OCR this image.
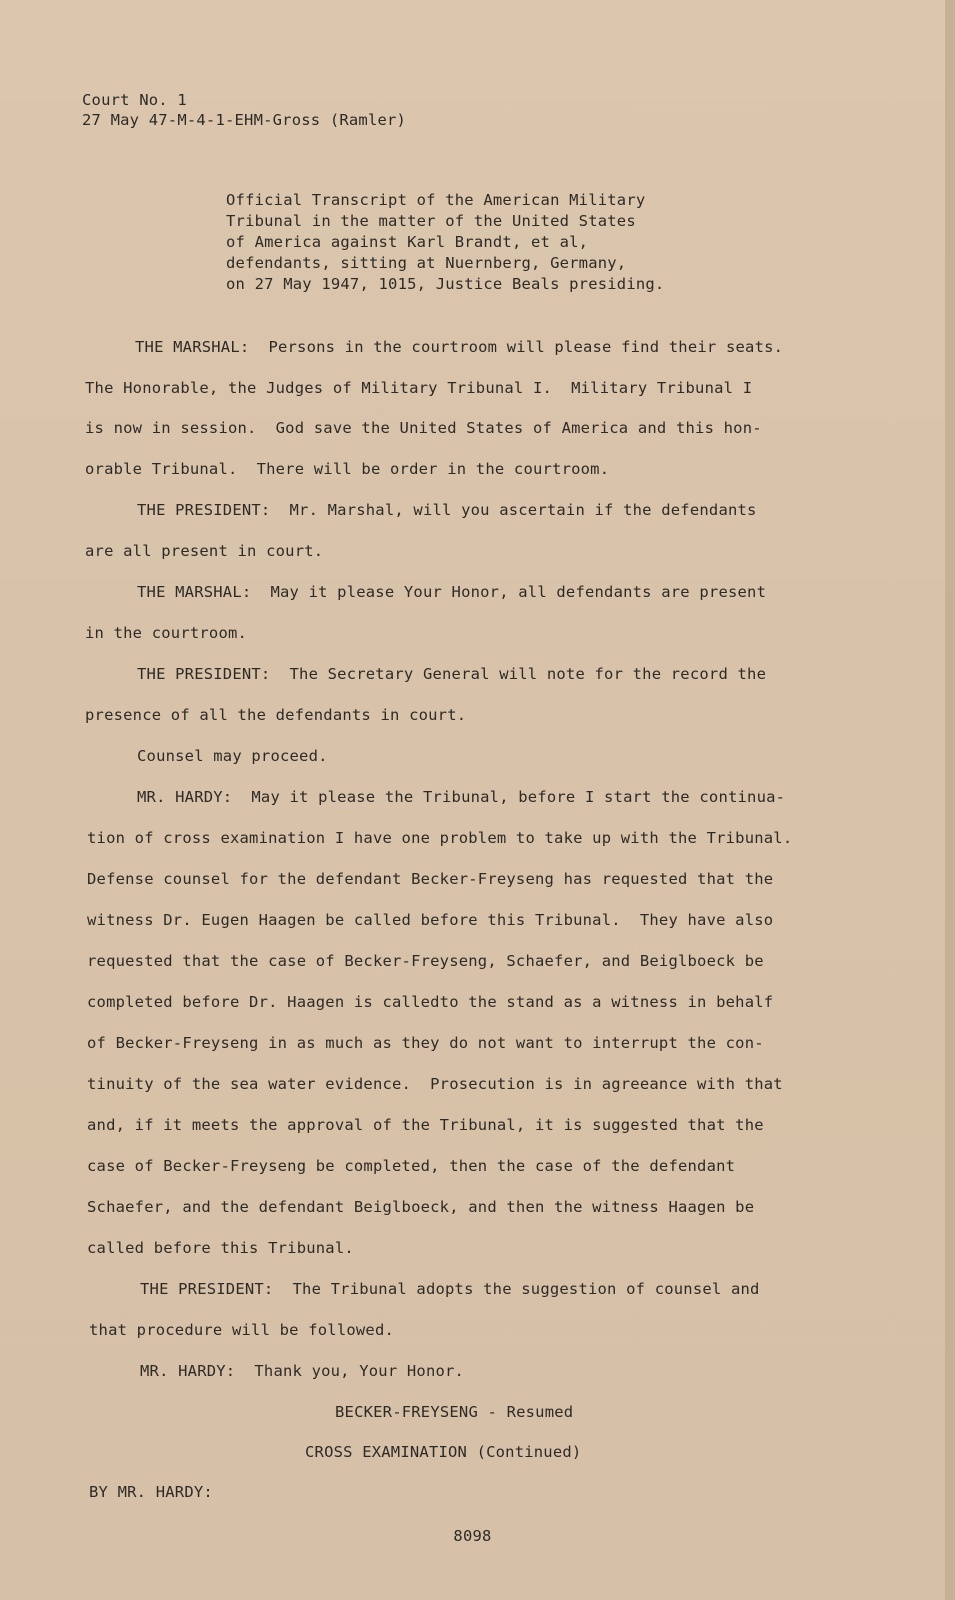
Court No. 1
27 May 47-M-4-1-EHM-Gross (Ramler)
Official Transcript of the American Military
Tribunal in the matter of the United States
of America against Karl Brandt, et al,
defendants, sitting at Nuernberg, Germany,
on 27 May 1947, 1015, Justice Beals presiding.
THE MARSHAL:  Persons in the courtroom will please find their seats.
The Honorable, the Judges of Military Tribunal I.  Military Tribunal I
is now in session.  God save the United States of America and this hon-
orable Tribunal.  There will be order in the courtroom.
THE PRESIDENT:  Mr. Marshal, will you ascertain if the defendants
are all present in court.
THE MARSHAL:  May it please Your Honor, all defendants are present
in the courtroom.
THE PRESIDENT:  The Secretary General will note for the record the
presence of all the defendants in court.
Counsel may proceed.
MR. HARDY:  May it please the Tribunal, before I start the continua-
tion of cross examination I have one problem to take up with the Tribunal.
Defense counsel for the defendant Becker-Freyseng has requested that the
witness Dr. Eugen Haagen be called before this Tribunal.  They have also
requested that the case of Becker-Freyseng, Schaefer, and Beiglboeck be
completed before Dr. Haagen is calledto the stand as a witness in behalf
of Becker-Freyseng in as much as they do not want to interrupt the con-
tinuity of the sea water evidence.  Prosecution is in agreeance with that
and, if it meets the approval of the Tribunal, it is suggested that the
case of Becker-Freyseng be completed, then the case of the defendant
Schaefer, and the defendant Beiglboeck, and then the witness Haagen be
called before this Tribunal.
THE PRESIDENT:  The Tribunal adopts the suggestion of counsel and
that procedure will be followed.
MR. HARDY:  Thank you, Your Honor.
BECKER-FREYSENG - Resumed
CROSS EXAMINATION (Continued)
BY MR. HARDY:
8098
